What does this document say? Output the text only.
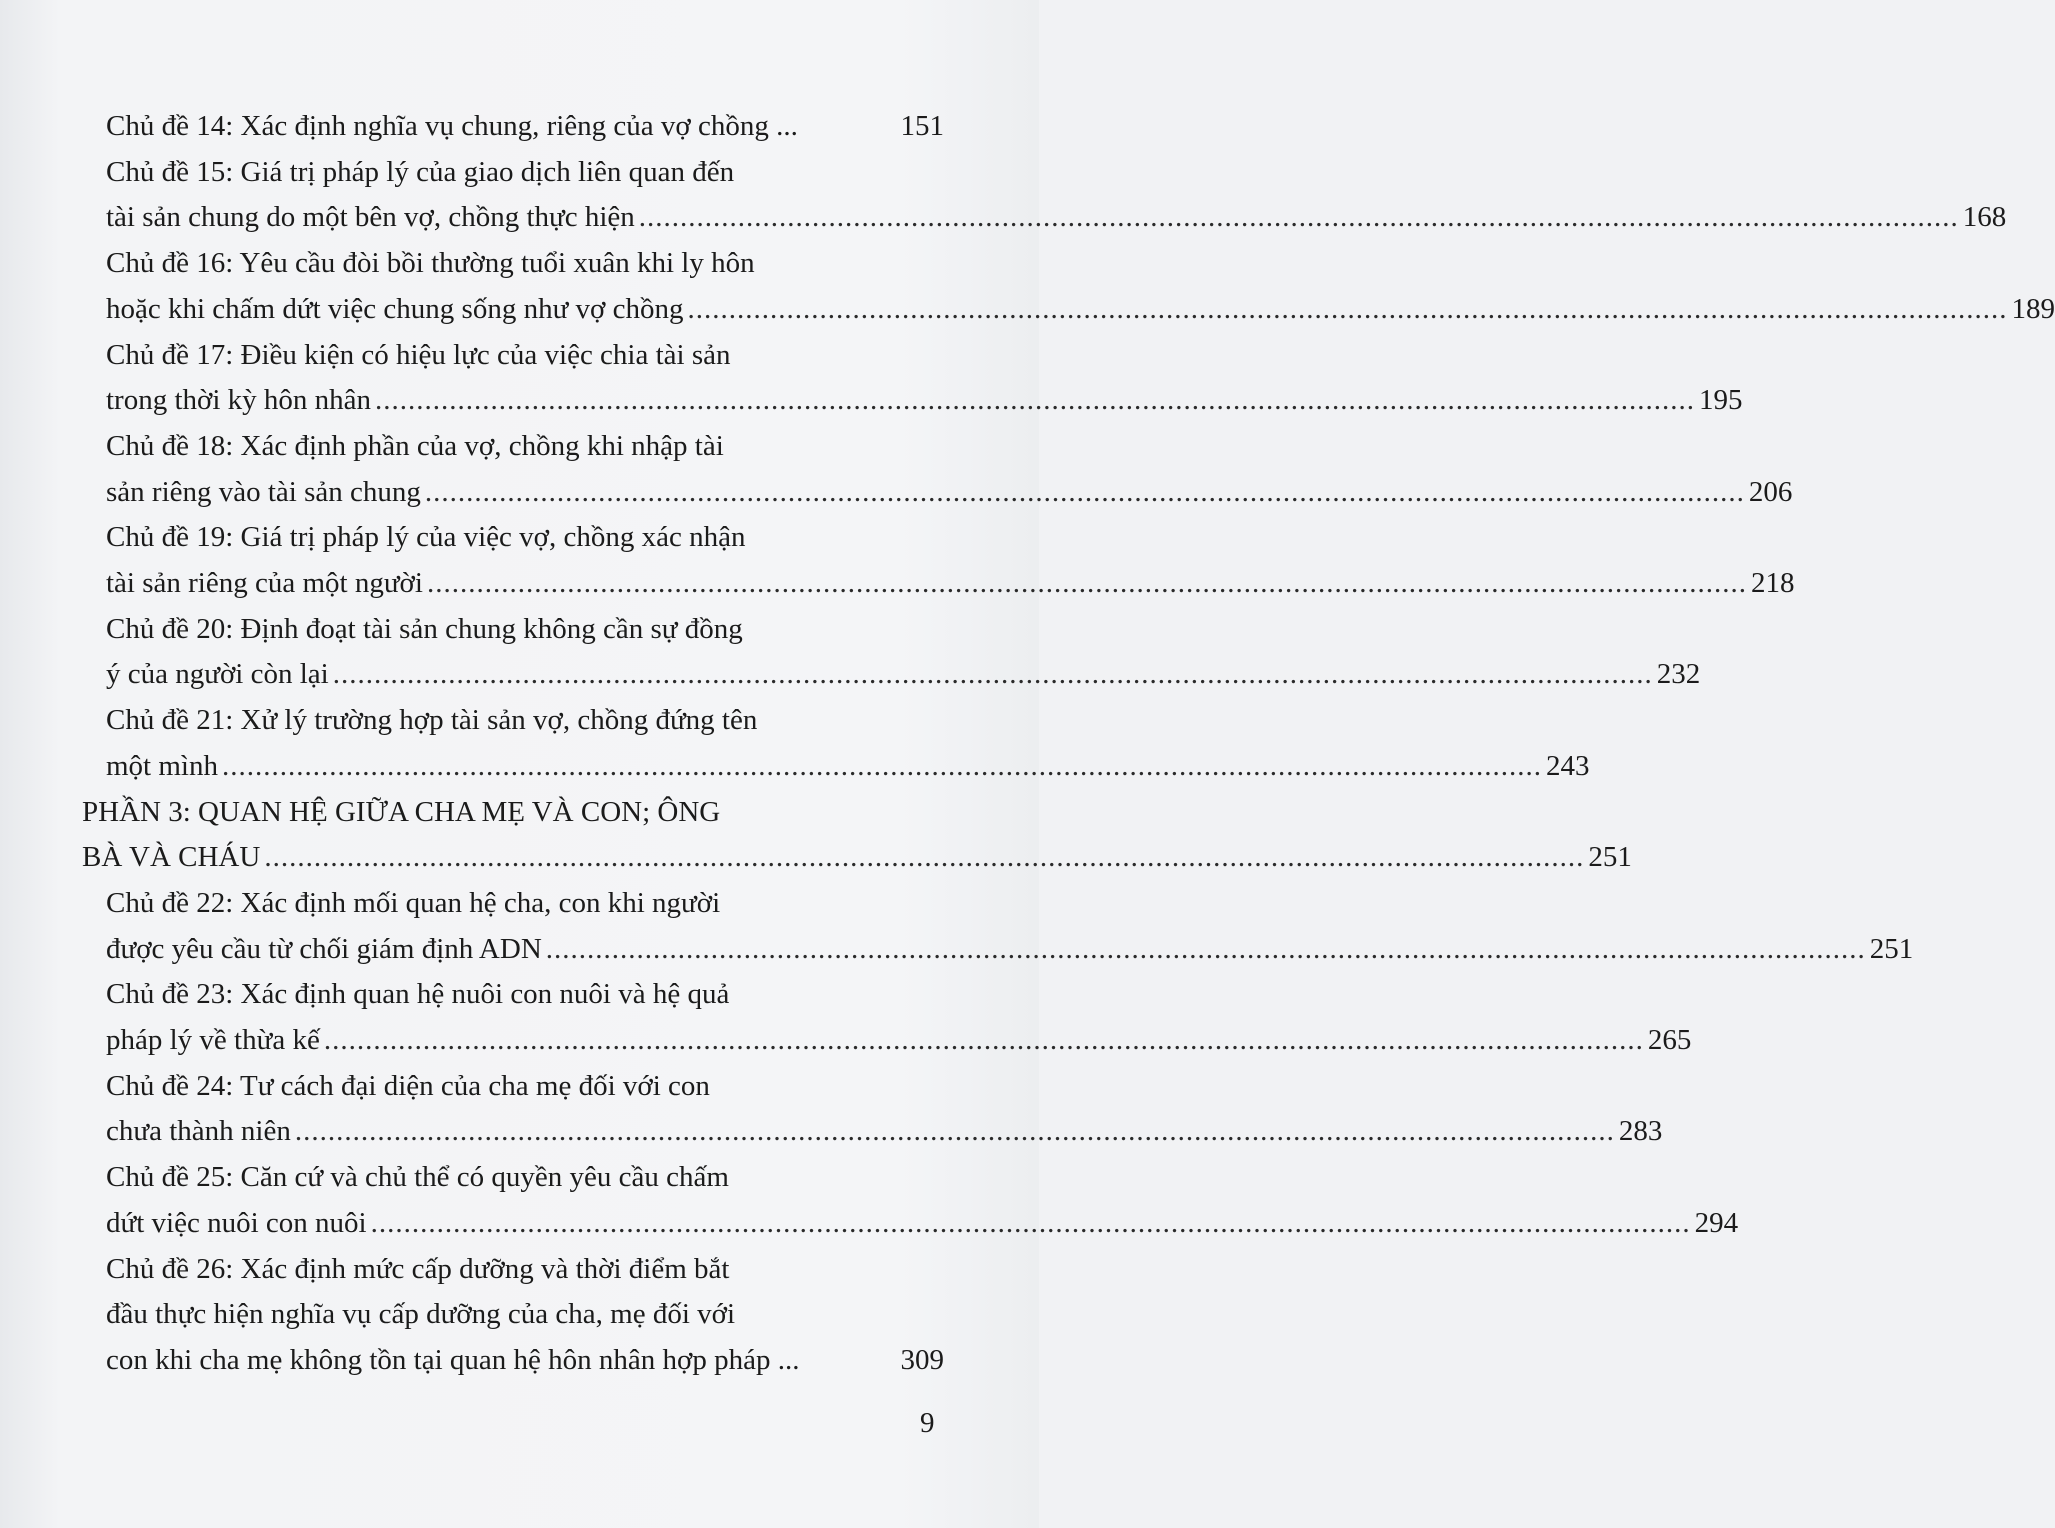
Chủ đề 14: Xác định nghĩa vụ chung, riêng của vợ chồng ...	151
Chủ đề 15: Giá trị pháp lý của giao dịch liên quan đến
tài sản chung do một bên vợ, chồng thực hiện ................................................................................................................................................................ 168
Chủ đề 16: Yêu cầu đòi bồi thường tuổi xuân khi ly hôn
hoặc khi chấm dứt việc chung sống như vợ chồng ................................................................................................................................................................ 189
Chủ đề 17: Điều kiện có hiệu lực của việc chia tài sản
trong thời kỳ hôn nhân ................................................................................................................................................................ 195
Chủ đề 18: Xác định phần của vợ, chồng khi nhập tài
sản riêng vào tài sản chung ................................................................................................................................................................ 206
Chủ đề 19: Giá trị pháp lý của việc vợ, chồng xác nhận
tài sản riêng của một người ................................................................................................................................................................ 218
Chủ đề 20: Định đoạt tài sản chung không cần sự đồng
ý của người còn lại ................................................................................................................................................................ 232
Chủ đề 21: Xử lý trường hợp tài sản vợ, chồng đứng tên
một mình ................................................................................................................................................................ 243
PHẦN 3: QUAN HỆ GIỮA CHA MẸ VÀ CON; ÔNG
BÀ VÀ CHÁU ................................................................................................................................................................ 251
Chủ đề 22: Xác định mối quan hệ cha, con khi người
được yêu cầu từ chối giám định ADN ................................................................................................................................................................ 251
Chủ đề 23: Xác định quan hệ nuôi con nuôi và hệ quả
pháp lý về thừa kế ................................................................................................................................................................ 265
Chủ đề 24: Tư cách đại diện của cha mẹ đối với con
chưa thành niên ................................................................................................................................................................ 283
Chủ đề 25: Căn cứ và chủ thể có quyền yêu cầu chấm
dứt việc nuôi con nuôi ................................................................................................................................................................ 294
Chủ đề 26: Xác định mức cấp dưỡng và thời điểm bắt
đầu thực hiện nghĩa vụ cấp dưỡng của cha, mẹ đối với
con khi cha mẹ không tồn tại quan hệ hôn nhân hợp pháp ...	309
9
